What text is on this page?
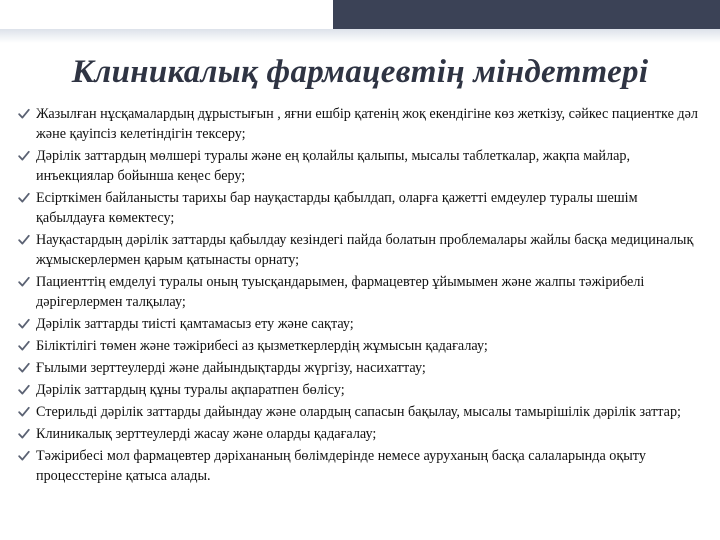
Клиникалық фармацевтің міндеттері
Жазылған нұсқамалардың дұрыстығын , яғни ешбір қатенің жоқ екендігіне көз жеткізу, сәйкес пациентке дәл және қауіпсіз келетіндігін тексеру;
Дәрілік заттардың мөлшері туралы және ең қолайлы қалыпы, мысалы таблеткалар, жақпа майлар, инъекциялар бойынша кеңес беру;
Есірткімен байланысты тарихы бар науқастарды қабылдап, оларға қажетті емдеулер туралы шешім қабылдауға көмектесу;
Науқастардың дәрілік заттарды қабылдау кезіндегі пайда болатын проблемалары жайлы басқа медициналық жұмыскерлермен қарым қатынасты орнату;
Пациенттің емделуі туралы оның туысқандарымен, фармацевтер ұйымымен және жалпы тәжірибелі дәрігерлермен талқылау;
Дәрілік заттарды тиісті қамтамасыз ету және сақтау;
Біліктілігі төмен және тәжірибесі аз қызметкерлердің жұмысын қадағалау;
Ғылыми зерттеулерді және дайындықтарды жүргізу, насихаттау;
Дәрілік заттардың құны туралы ақпаратпен бөлісу;
Стерильді дәрілік заттарды дайындау және олардың сапасын бақылау, мысалы тамырішілік дәрілік заттар;
Клиникалық зерттеулерді жасау және оларды қадағалау;
Тәжірибесі мол фармацевтер дәріхананың бөлімдерінде немесе ауруханың басқа салаларында оқыту процесстеріне қатыса алады.
